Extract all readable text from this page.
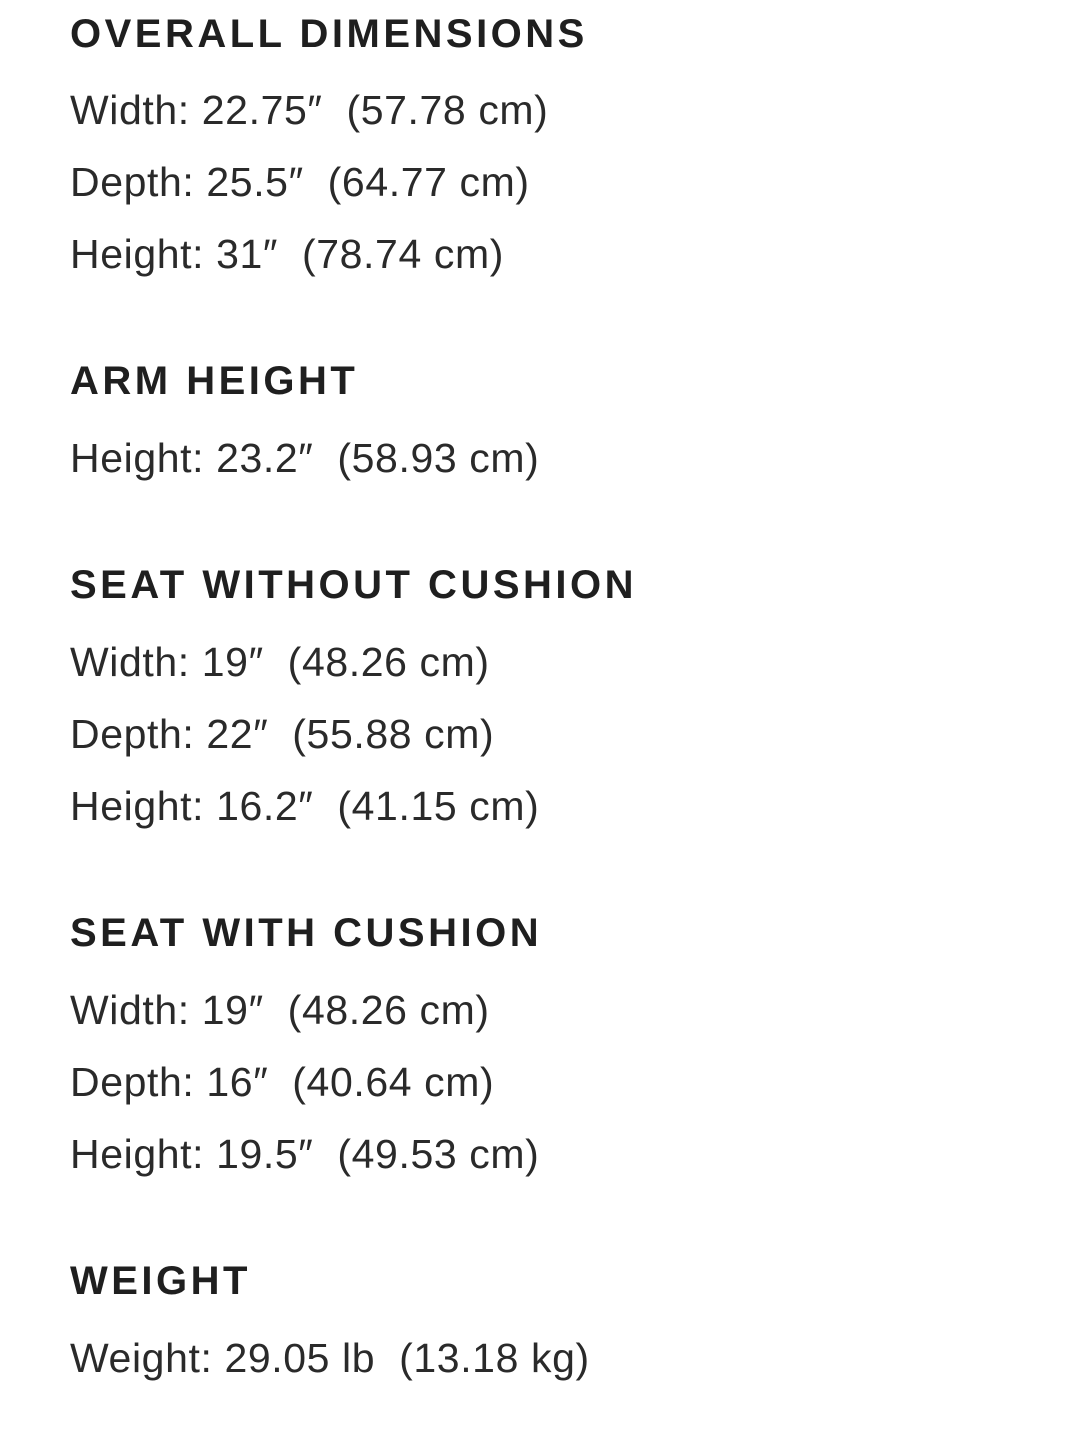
OVERALL DIMENSIONS

Width: 22.75″  (57.78 cm)

Depth: 25.5″  (64.77 cm)

Height: 31″  (78.74 cm)

ARM HEIGHT

Height: 23.2″  (58.93 cm)

SEAT WITHOUT CUSHION

Width: 19″  (48.26 cm)

Depth: 22″  (55.88 cm)

Height: 16.2″  (41.15 cm)

SEAT WITH CUSHION

Width: 19″  (48.26 cm)

Depth: 16″  (40.64 cm)

Height: 19.5″  (49.53 cm)

WEIGHT

Weight: 29.05 lb  (13.18 kg)
